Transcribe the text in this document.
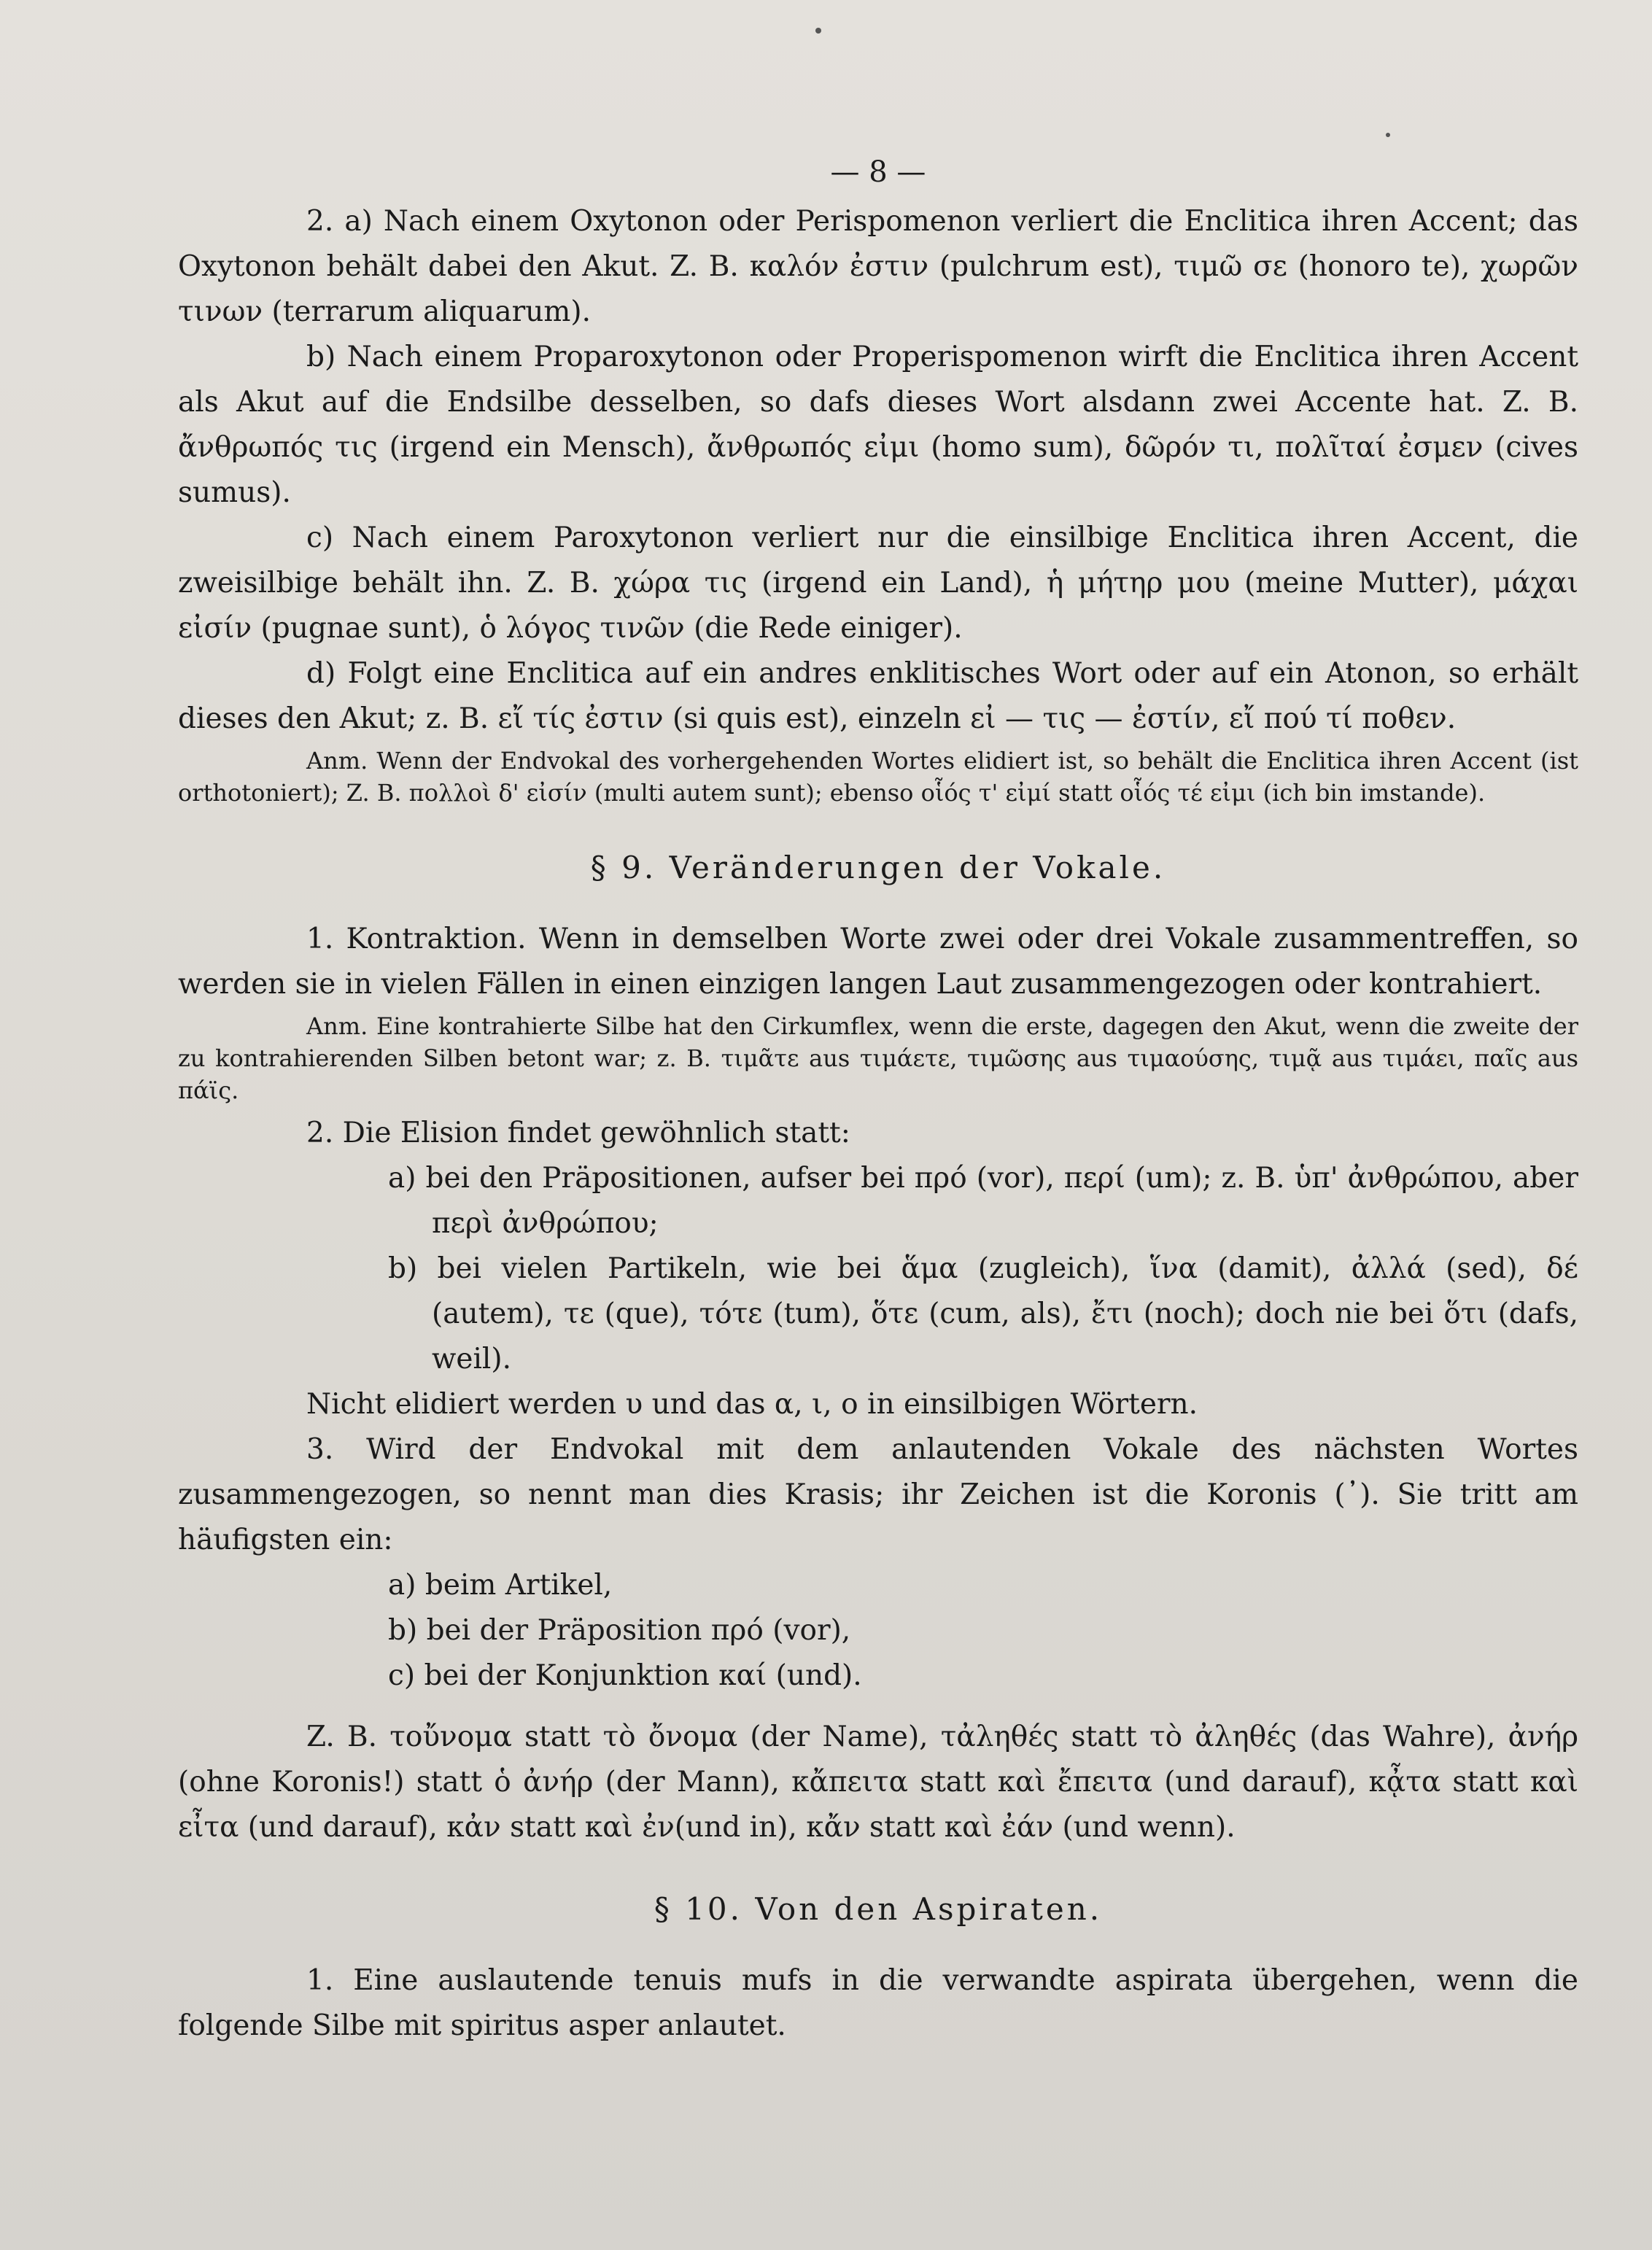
— 8 —

2. a) Nach einem Oxytonon oder Perispomenon verliert die Enclitica ihren Accent; das Oxytonon behält dabei den Akut. Z. B. καλόν ἐστιν (pulchrum est), τιμῶ σε (honoro te), χωρῶν τινων (terrarum aliquarum).

b) Nach einem Proparoxytonon oder Properispomenon wirft die Enclitica ihren Accent als Akut auf die Endsilbe desselben, so dafs dieses Wort alsdann zwei Accente hat. Z. B. ἄνθρωπός τις (irgend ein Mensch), ἄνθρωπός εἰμι (homo sum), δῶρόν τι, πολῖταί ἐσμεν (cives sumus).

c) Nach einem Paroxytonon verliert nur die einsilbige Enclitica ihren Accent, die zweisilbige behält ihn. Z. B. χώρα τις (irgend ein Land), ἡ μήτηρ μου (meine Mutter), μάχαι εἰσίν (pugnae sunt), ὁ λόγος τινῶν (die Rede einiger).

d) Folgt eine Enclitica auf ein andres enklitisches Wort oder auf ein Atonon, so erhält dieses den Akut; z. B. εἴ τίς ἐστιν (si quis est), einzeln εἰ — τις — ἐστίν, εἴ πού τί ποθεν.

Anm. Wenn der Endvokal des vorhergehenden Wortes elidiert ist, so behält die Enclitica ihren Accent (ist orthotoniert); Z. B. πολλοὶ δ' εἰσίν (multi autem sunt); ebenso οἷός τ' εἰμί statt οἷός τέ εἰμι (ich bin imstande).

§ 9. Veränderungen der Vokale.

1. Kontraktion. Wenn in demselben Worte zwei oder drei Vokale zusammentreffen, so werden sie in vielen Fällen in einen einzigen langen Laut zusammengezogen oder kontrahiert.

Anm. Eine kontrahierte Silbe hat den Cirkumflex, wenn die erste, dagegen den Akut, wenn die zweite der zu kontrahierenden Silben betont war; z. B. τιμᾶτε aus τιμάετε, τιμῶσης aus τιμαούσης, τιμᾷ aus τιμάει, παῖς aus πάϊς.

2. Die Elision findet gewöhnlich statt:

a) bei den Präpositionen, aufser bei πρό (vor), περί (um); z. B. ὑπ' ἀνθρώπου, aber περὶ ἀνθρώπου;

b) bei vielen Partikeln, wie bei ἅμα (zugleich), ἵνα (damit), ἀλλά (sed), δέ (autem), τε (que), τότε (tum), ὅτε (cum, als), ἔτι (noch); doch nie bei ὅτι (dafs, weil).

Nicht elidiert werden υ und das α, ι, ο in einsilbigen Wörtern.

3. Wird der Endvokal mit dem anlautenden Vokale des nächsten Wortes zusammengezogen, so nennt man dies Krasis; ihr Zeichen ist die Koronis (᾽). Sie tritt am häufigsten ein:

a) beim Artikel,

b) bei der Präposition πρό (vor),

c) bei der Konjunktion καί (und).

Z. B. τοὔνομα statt τὸ ὄνομα (der Name), τἀληθές statt τὸ ἀληθές (das Wahre), ἀνήρ (ohne Koronis!) statt ὁ ἀνήρ (der Mann), κἄπειτα statt καὶ ἔπειτα (und darauf), κᾆτα statt καὶ εἶτα (und darauf), κἀν statt καὶ ἐν(und in), κἄν statt καὶ ἐάν (und wenn).

§ 10. Von den Aspiraten.

1. Eine auslautende tenuis mufs in die verwandte aspirata übergehen, wenn die folgende Silbe mit spiritus asper anlautet.
